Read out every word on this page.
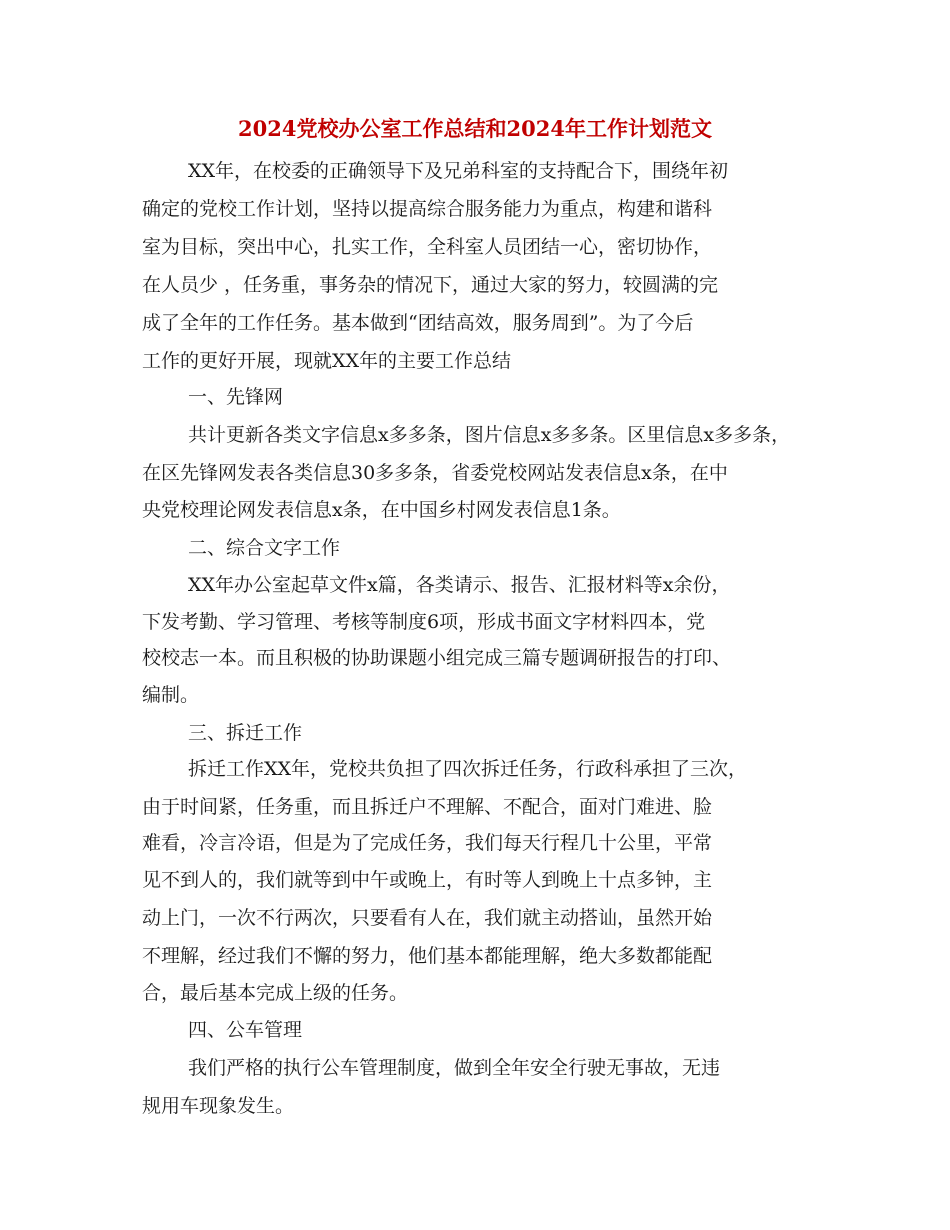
2024党校办公室工作总结和2024年工作计划范文
XX年，在校委的正确领导下及兄弟科室的支持配合下，围绕年初
确定的党校工作计划，坚持以提高综合服务能力为重点，构建和谐科
室为目标，突出中心，扎实工作，全科室人员团结一心，密切协作，
在人员少 ，任务重，事务杂的情况下，通过大家的努力，较圆满的完
成了全年的工作任务。基本做到“团结高效，服务周到”。为了今后
工作的更好开展，现就XX年的主要工作总结
一、先锋网
共计更新各类文字信息x多多条，图片信息x多多条。区里信息x多多条，
在区先锋网发表各类信息30多多条，省委党校网站发表信息x条，在中
央党校理论网发表信息x条，在中国乡村网发表信息1条。
二、综合文字工作
XX年办公室起草文件x篇，各类请示、报告、汇报材料等x余份，
下发考勤、学习管理、考核等制度6项，形成书面文字材料四本，党
校校志一本。而且积极的协助课题小组完成三篇专题调研报告的打印、
编制。
三、拆迁工作
拆迁工作XX年，党校共负担了四次拆迁任务，行政科承担了三次，
由于时间紧，任务重，而且拆迁户不理解、不配合，面对门难进、脸
难看，冷言冷语，但是为了完成任务，我们每天行程几十公里，平常
见不到人的，我们就等到中午或晚上，有时等人到晚上十点多钟，主
动上门，一次不行两次，只要看有人在，我们就主动搭讪，虽然开始
不理解，经过我们不懈的努力，他们基本都能理解，绝大多数都能配
合，最后基本完成上级的任务。
四、公车管理
我们严格的执行公车管理制度，做到全年安全行驶无事故，无违
规用车现象发生。
